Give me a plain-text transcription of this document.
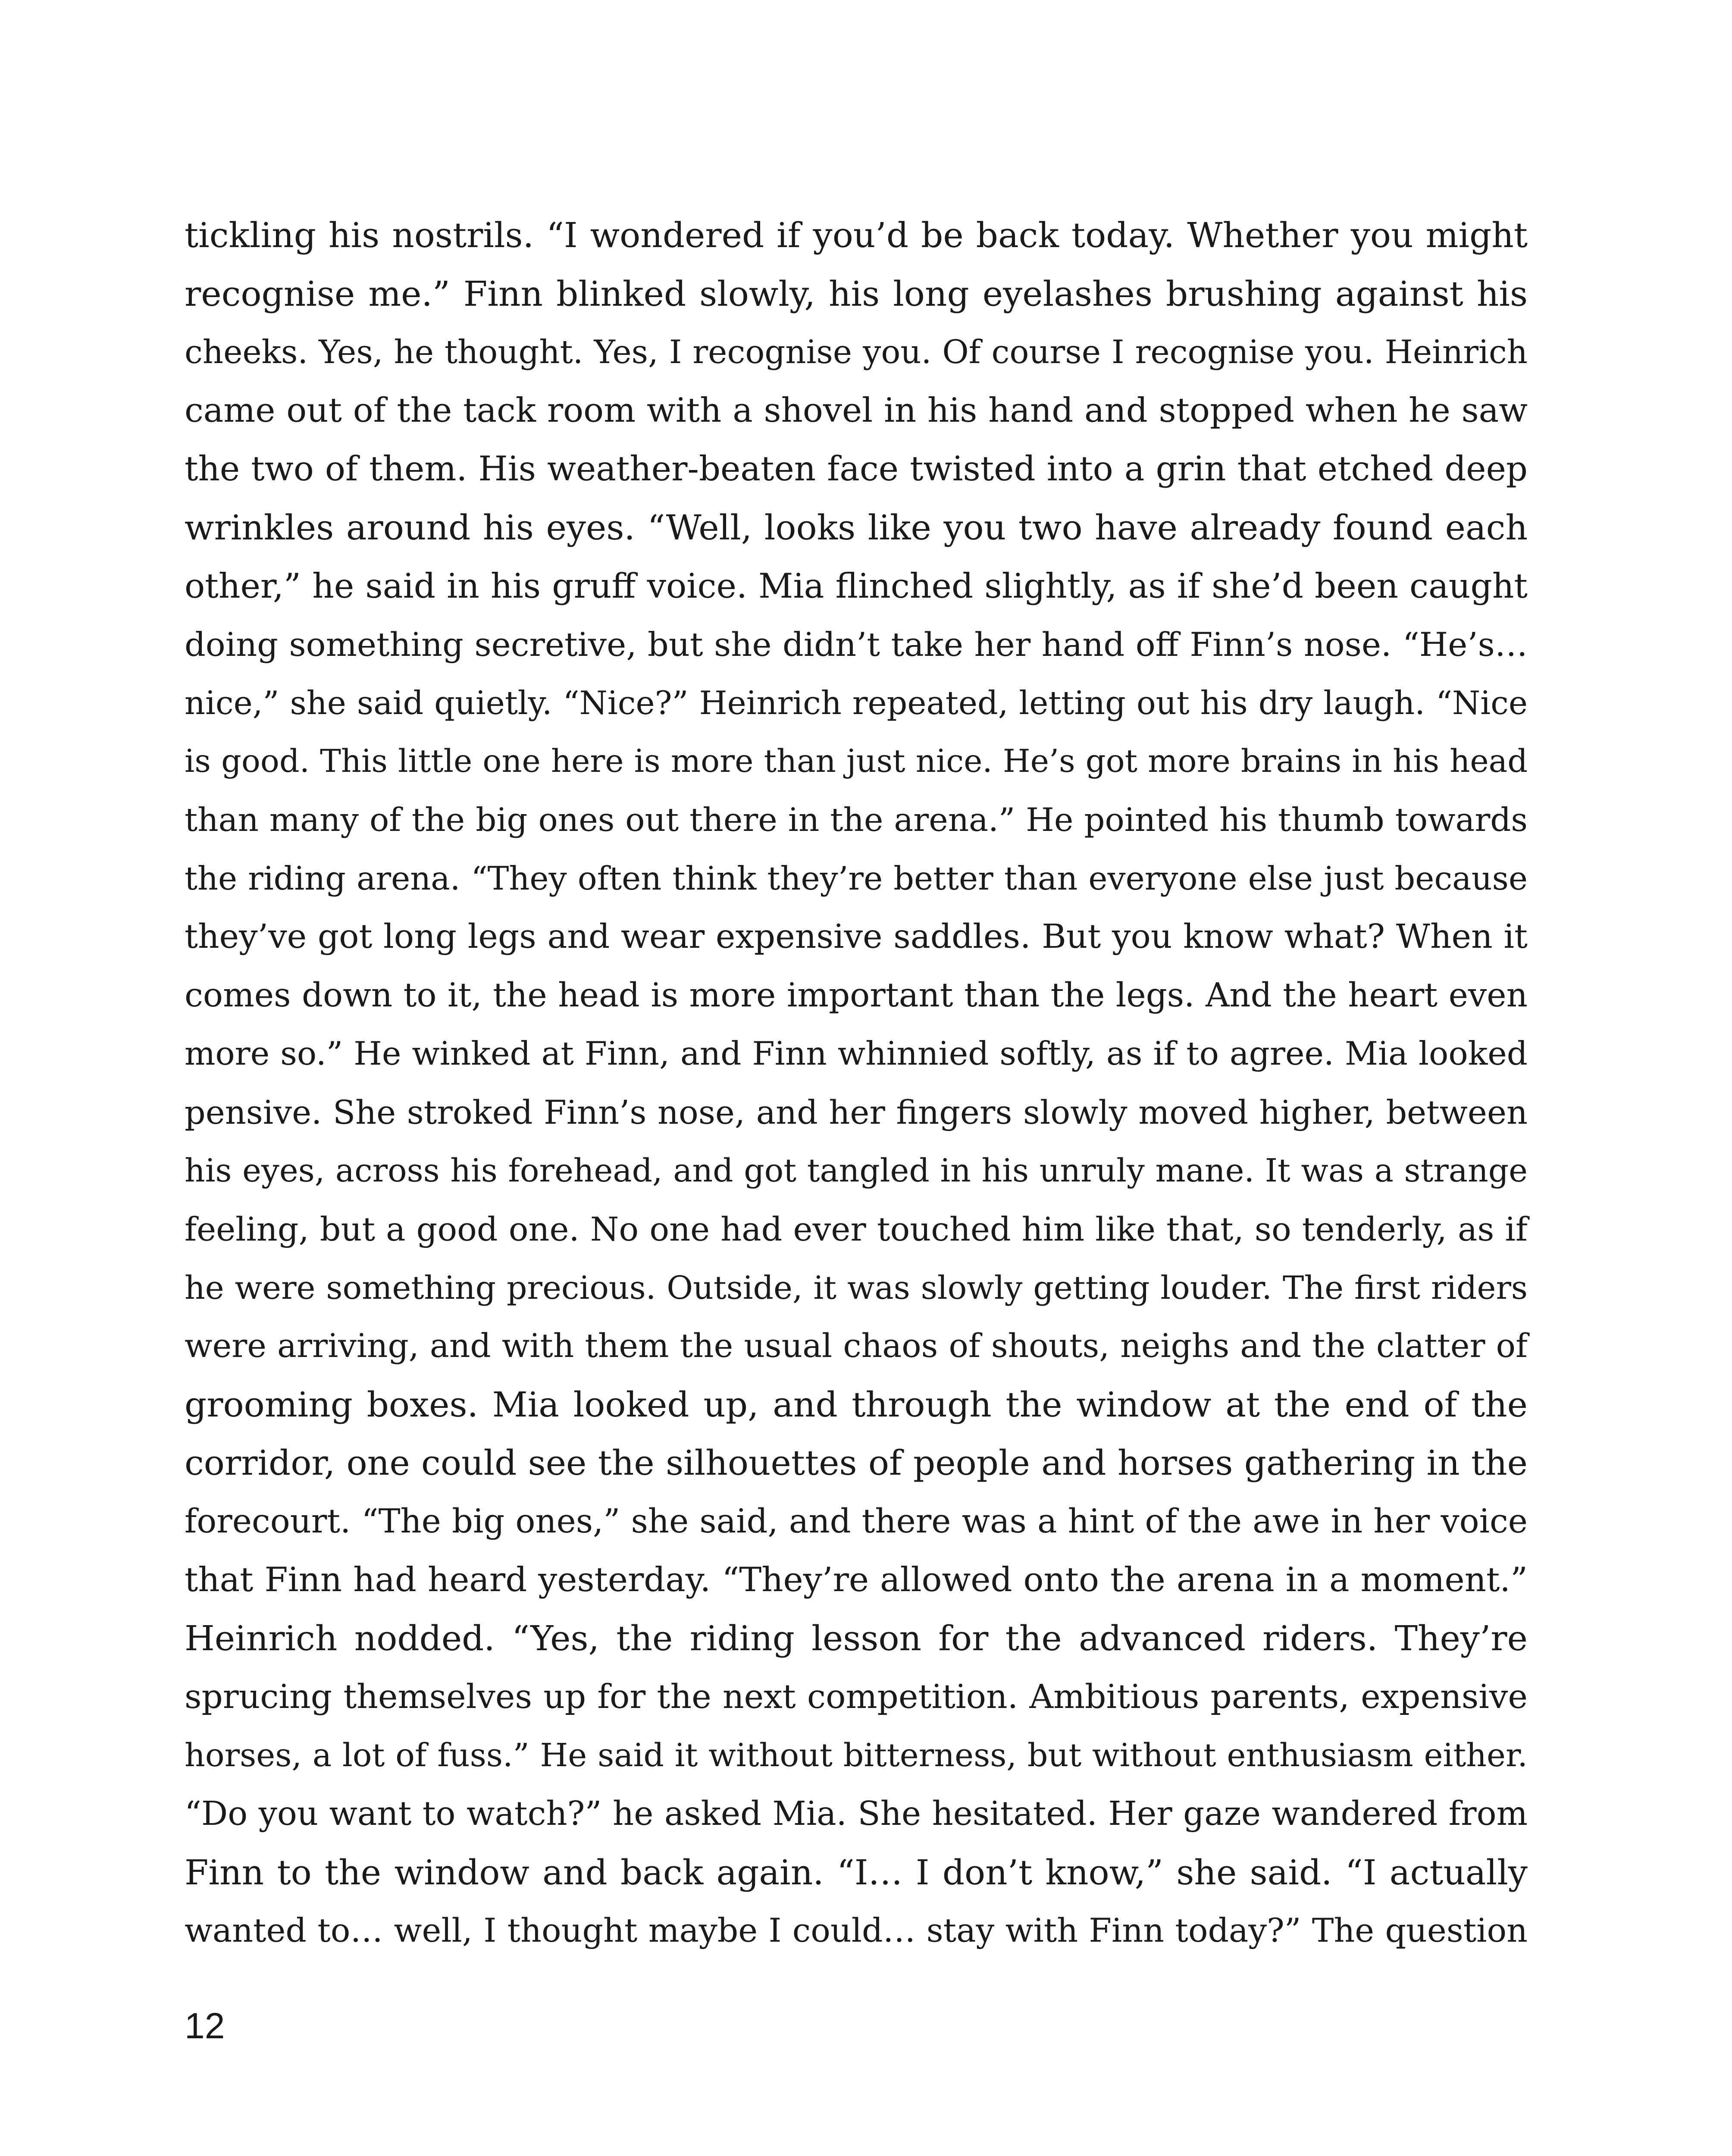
tickling his nostrils. “I wondered if you’d be back today. Whether you might
recognise me.” Finn blinked slowly, his long eyelashes brushing against his
cheeks. Yes, he thought. Yes, I recognise you. Of course I recognise you. Heinrich
came out of the tack room with a shovel in his hand and stopped when he saw
the two of them. His weather-beaten face twisted into a grin that etched deep
wrinkles around his eyes. “Well, looks like you two have already found each
other,” he said in his gruff voice. Mia flinched slightly, as if she’d been caught
doing something secretive, but she didn’t take her hand off Finn’s nose. “He’s…
nice,” she said quietly. “Nice?” Heinrich repeated, letting out his dry laugh. “Nice
is good. This little one here is more than just nice. He’s got more brains in his head
than many of the big ones out there in the arena.” He pointed his thumb towards
the riding arena. “They often think they’re better than everyone else just because
they’ve got long legs and wear expensive saddles. But you know what? When it
comes down to it, the head is more important than the legs. And the heart even
more so.” He winked at Finn, and Finn whinnied softly, as if to agree. Mia looked
pensive. She stroked Finn’s nose, and her fingers slowly moved higher, between
his eyes, across his forehead, and got tangled in his unruly mane. It was a strange
feeling, but a good one. No one had ever touched him like that, so tenderly, as if
he were something precious. Outside, it was slowly getting louder. The first riders
were arriving, and with them the usual chaos of shouts, neighs and the clatter of
grooming boxes. Mia looked up, and through the window at the end of the
corridor, one could see the silhouettes of people and horses gathering in the
forecourt. “The big ones,” she said, and there was a hint of the awe in her voice
that Finn had heard yesterday. “They’re allowed onto the arena in a moment.”
Heinrich nodded. “Yes, the riding lesson for the advanced riders. They’re
sprucing themselves up for the next competition. Ambitious parents, expensive
horses, a lot of fuss.” He said it without bitterness, but without enthusiasm either.
“Do you want to watch?” he asked Mia. She hesitated. Her gaze wandered from
Finn to the window and back again. “I… I don’t know,” she said. “I actually
wanted to… well, I thought maybe I could… stay with Finn today?” The question
12
